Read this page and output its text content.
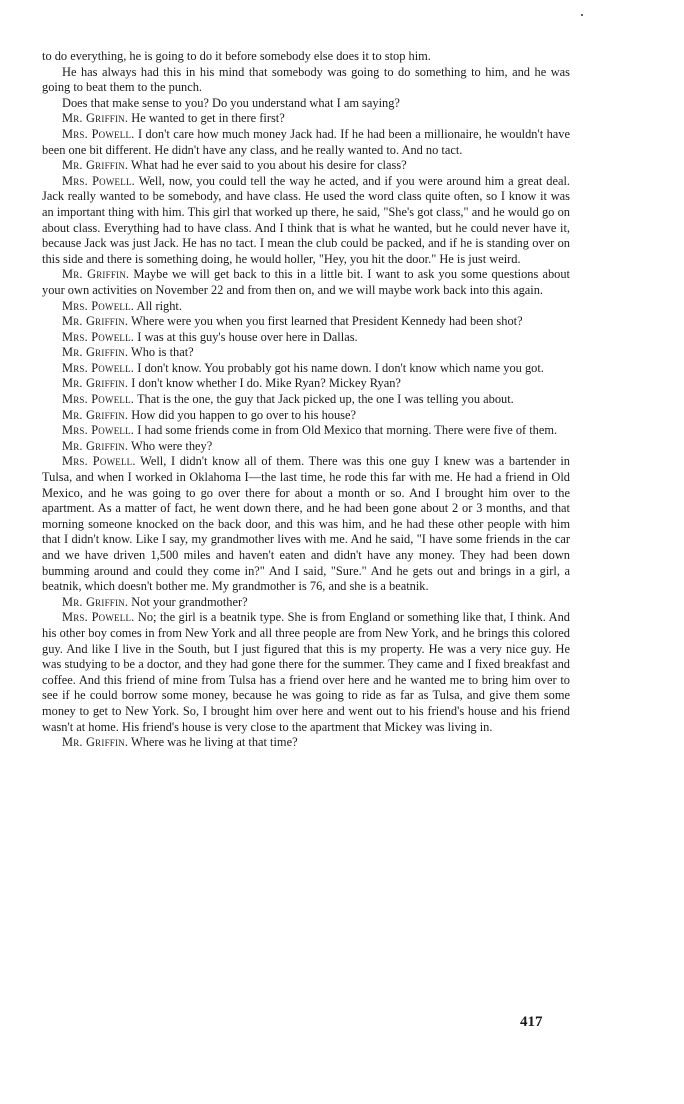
to do everything, he is going to do it before somebody else does it to stop him.

He has always had this in his mind that somebody was going to do something to him, and he was going to beat them to the punch.

Does that make sense to you? Do you understand what I am saying?

Mr. Griffin. He wanted to get in there first?

Mrs. Powell. I don't care how much money Jack had. If he had been a millionaire, he wouldn't have been one bit different. He didn't have any class, and he really wanted to. And no tact.

Mr. Griffin. What had he ever said to you about his desire for class?

Mrs. Powell. Well, now, you could tell the way he acted, and if you were around him a great deal. Jack really wanted to be somebody, and have class. He used the word class quite often, so I know it was an important thing with him. This girl that worked up there, he said, "She's got class," and he would go on about class. Everything had to have class. And I think that is what he wanted, but he could never have it, because Jack was just Jack. He has no tact. I mean the club could be packed, and if he is standing over on this side and there is something doing, he would holler, "Hey, you hit the door." He is just weird.

Mr. Griffin. Maybe we will get back to this in a little bit. I want to ask you some questions about your own activities on November 22 and from then on, and we will maybe work back into this again.

Mrs. Powell. All right.

Mr. Griffin. Where were you when you first learned that President Kennedy had been shot?

Mrs. Powell. I was at this guy's house over here in Dallas.

Mr. Griffin. Who is that?

Mrs. Powell. I don't know. You probably got his name down. I don't know which name you got.

Mr. Griffin. I don't know whether I do. Mike Ryan? Mickey Ryan?

Mrs. Powell. That is the one, the guy that Jack picked up, the one I was telling you about.

Mr. Griffin. How did you happen to go over to his house?

Mrs. Powell. I had some friends come in from Old Mexico that morning. There were five of them.

Mr. Griffin. Who were they?

Mrs. Powell. Well, I didn't know all of them. There was this one guy I knew was a bartender in Tulsa, and when I worked in Oklahoma I—the last time, he rode this far with me. He had a friend in Old Mexico, and he was going to go over there for about a month or so. And I brought him over to the apartment. As a matter of fact, he went down there, and he had been gone about 2 or 3 months, and that morning someone knocked on the back door, and this was him, and he had these other people with him that I didn't know. Like I say, my grandmother lives with me. And he said, "I have some friends in the car and we have driven 1,500 miles and haven't eaten and didn't have any money. They had been down bumming around and could they come in?" And I said, "Sure." And he gets out and brings in a girl, a beatnik, which doesn't bother me. My grandmother is 76, and she is a beatnik.

Mr. Griffin. Not your grandmother?

Mrs. Powell. No; the girl is a beatnik type. She is from England or something like that, I think. And his other boy comes in from New York and all three people are from New York, and he brings this colored guy. And like I live in the South, but I just figured that this is my property. He was a very nice guy. He was studying to be a doctor, and they had gone there for the summer. They came and I fixed breakfast and coffee. And this friend of mine from Tulsa has a friend over here and he wanted me to bring him over to see if he could borrow some money, because he was going to ride as far as Tulsa, and give them some money to get to New York. So, I brought him over here and went out to his friend's house and his friend wasn't at home. His friend's house is very close to the apartment that Mickey was living in.

Mr. Griffin. Where was he living at that time?

417
